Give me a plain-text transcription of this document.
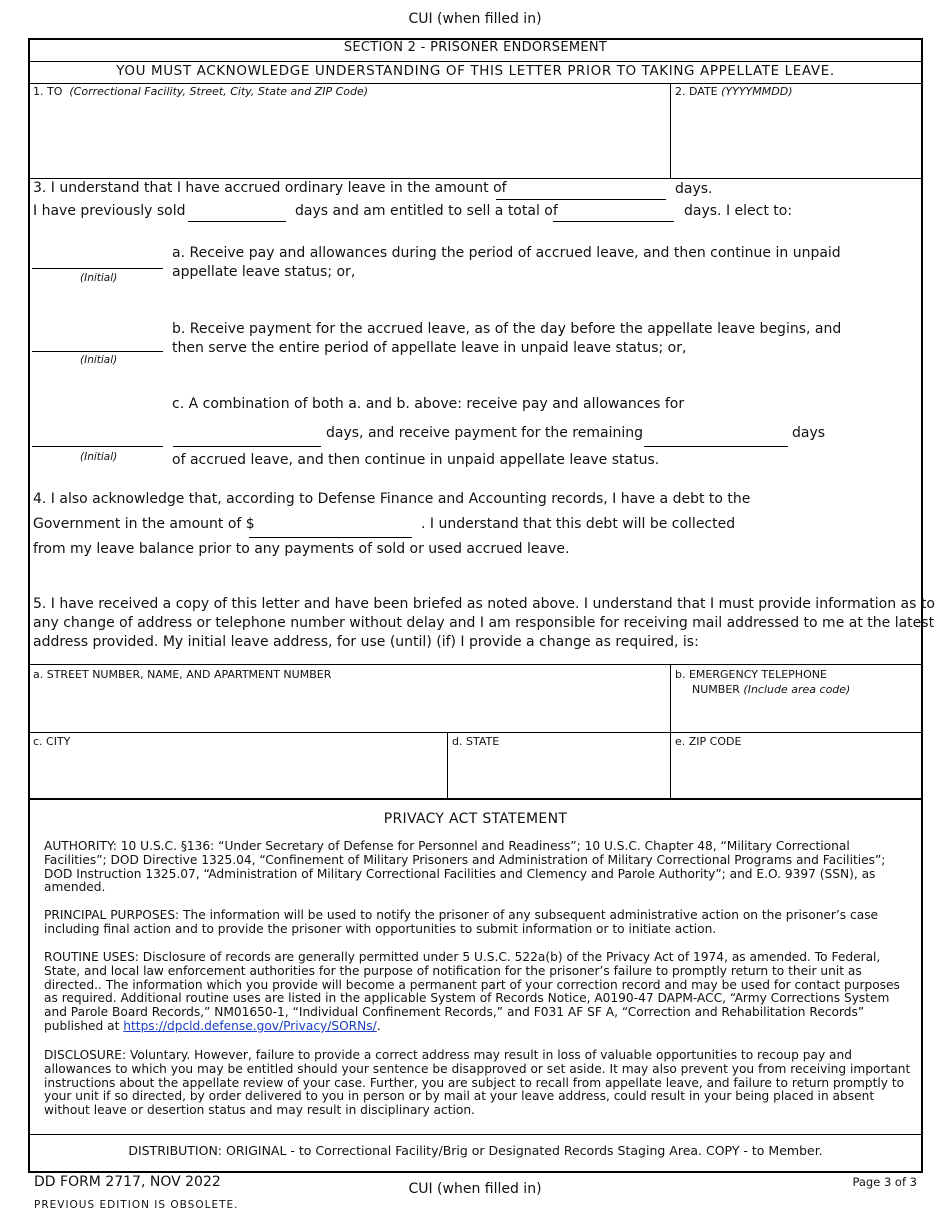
CUI (when filled in)
SECTION 2 - PRISONER ENDORSEMENT
YOU MUST ACKNOWLEDGE UNDERSTANDING OF THIS LETTER PRIOR TO TAKING APPELLATE LEAVE.
1. TO (Correctional Facility, Street, City, State and ZIP Code)	2. DATE (YYYYMMDD)
3. I understand that I have accrued ordinary leave in the amount of	days.
I have previously sold	days and am entitled to sell a total of	days. I elect to:
(Initial)
a. Receive pay and allowances during the period of accrued leave, and then continue in unpaid
appellate leave status; or,
(Initial)
b. Receive payment for the accrued leave, as of the day before the appellate leave begins, and
then serve the entire period of appellate leave in unpaid leave status; or,
c. A combination of both a. and b. above: receive pay and allowances for
days, and receive payment for the remaining	days
(Initial)	of accrued leave, and then continue in unpaid appellate leave status.
4. I also acknowledge that, according to Defense Finance and Accounting records, I have a debt to the
Government in the amount of $	. I understand that this debt will be collected
from my leave balance prior to any payments of sold or used accrued leave.
5. I have received a copy of this letter and have been briefed as noted above. I understand that I must provide information as to
any change of address or telephone number without delay and I am responsible for receiving mail addressed to me at the latest
address provided. My initial leave address, for use (until) (if) I provide a change as required, is:
a. STREET NUMBER, NAME, AND APARTMENT NUMBER	b. EMERGENCY TELEPHONE
NUMBER (Include area code)
c. CITY	d. STATE	e. ZIP CODE
PRIVACY ACT STATEMENT
AUTHORITY: 10 U.S.C. §136: “Under Secretary of Defense for Personnel and Readiness”; 10 U.S.C. Chapter 48, “Military Correctional Facilities”; DOD Directive 1325.04, “Confinement of Military Prisoners and Administration of Military Correctional Programs and Facilities”; DOD Instruction 1325.07, “Administration of Military Correctional Facilities and Clemency and Parole Authority”; and E.O. 9397 (SSN), as amended.
PRINCIPAL PURPOSES: The information will be used to notify the prisoner of any subsequent administrative action on the prisoner’s case including final action and to provide the prisoner with opportunities to submit information or to initiate action.
ROUTINE USES: Disclosure of records are generally permitted under 5 U.S.C. 522a(b) of the Privacy Act of 1974, as amended. To Federal, State, and local law enforcement authorities for the purpose of notification for the prisoner’s failure to promptly return to their unit as directed.. The information which you provide will become a permanent part of your correction record and may be used for contact purposes as required. Additional routine uses are listed in the applicable System of Records Notice, A0190-47 DAPM-ACC, “Army Corrections System and Parole Board Records,” NM01650-1, “Individual Confinement Records,” and F031 AF SF A, “Correction and Rehabilitation Records” published at https://dpcld.defense.gov/Privacy/SORNs/.
DISCLOSURE: Voluntary. However, failure to provide a correct address may result in loss of valuable opportunities to recoup pay and allowances to which you may be entitled should your sentence be disapproved or set aside. It may also prevent you from receiving important instructions about the appellate review of your case. Further, you are subject to recall from appellate leave, and failure to return promptly to your unit if so directed, by order delivered to you in person or by mail at your leave address, could result in your being placed in absent without leave or desertion status and may result in disciplinary action.
DISTRIBUTION: ORIGINAL - to Correctional Facility/Brig or Designated Records Staging Area. COPY - to Member.
DD FORM 2717, NOV 2022
PREVIOUS EDITION IS OBSOLETE.
CUI (when filled in)	Page 3 of 3
